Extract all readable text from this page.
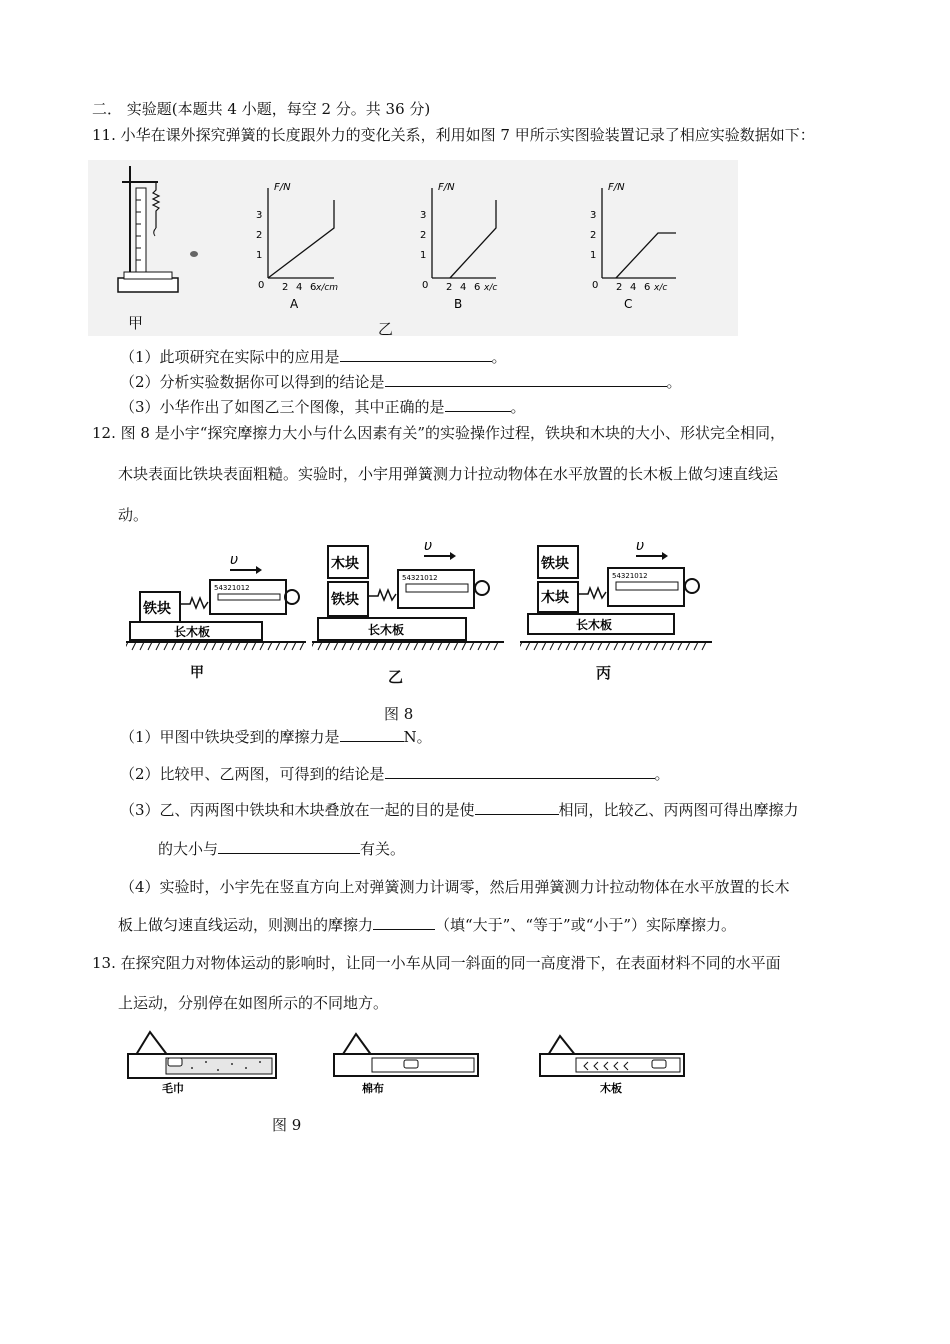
二． 实验题(本题共 4 小题，每空 2 分。共 36 分)
11. 小华在课外探究弹簧的长度跟外力的变化关系，利用如图 7 甲所示实图验装置记录了相应实验数据如下：
甲	乙
F/N
3
2
1
0 2 4 6 x/cm
A
F/N
3
2
1
0 2 4 6 x/c
B
F/N
3
2
1
0 2 4 6 x/c
C
（1）此项研究在实际中的应用是	。
（2）分析实验数据你可以得到的结论是	。
（3）小华作出了如图乙三个图像，其中正确的是	。
12. 图 8 是小宇“探究摩擦力大小与什么因素有关”的实验操作过程，铁块和木块的大小、形状完全相同，
木块表面比铁块表面粗糙。实验时，小宇用弹簧测力计拉动物体在水平放置的长木板上做匀速直线运
动。
长木板
铁块
54321012
υ
甲
长木板
木块
铁块
54321012
υ
乙
长木板
铁块
木块
54321012
υ
丙
图 8
（1）甲图中铁块受到的摩擦力是	N。
（2）比较甲、乙两图，可得到的结论是	。
（3）乙、丙两图中铁块和木块叠放在一起的目的是使	相同，比较乙、丙两图可得出摩擦力
的大小与	有关。
（4）实验时，小宇先在竖直方向上对弹簧测力计调零，然后用弹簧测力计拉动物体在水平放置的长木
板上做匀速直线运动，则测出的摩擦力	（填“大于”、“等于”或“小于”）实际摩擦力。
13. 在探究阻力对物体运动的影响时，让同一小车从同一斜面的同一高度滑下，在表面材料不同的水平面
上运动，分别停在如图所示的不同地方。
毛巾	棉布	木板
图 9
